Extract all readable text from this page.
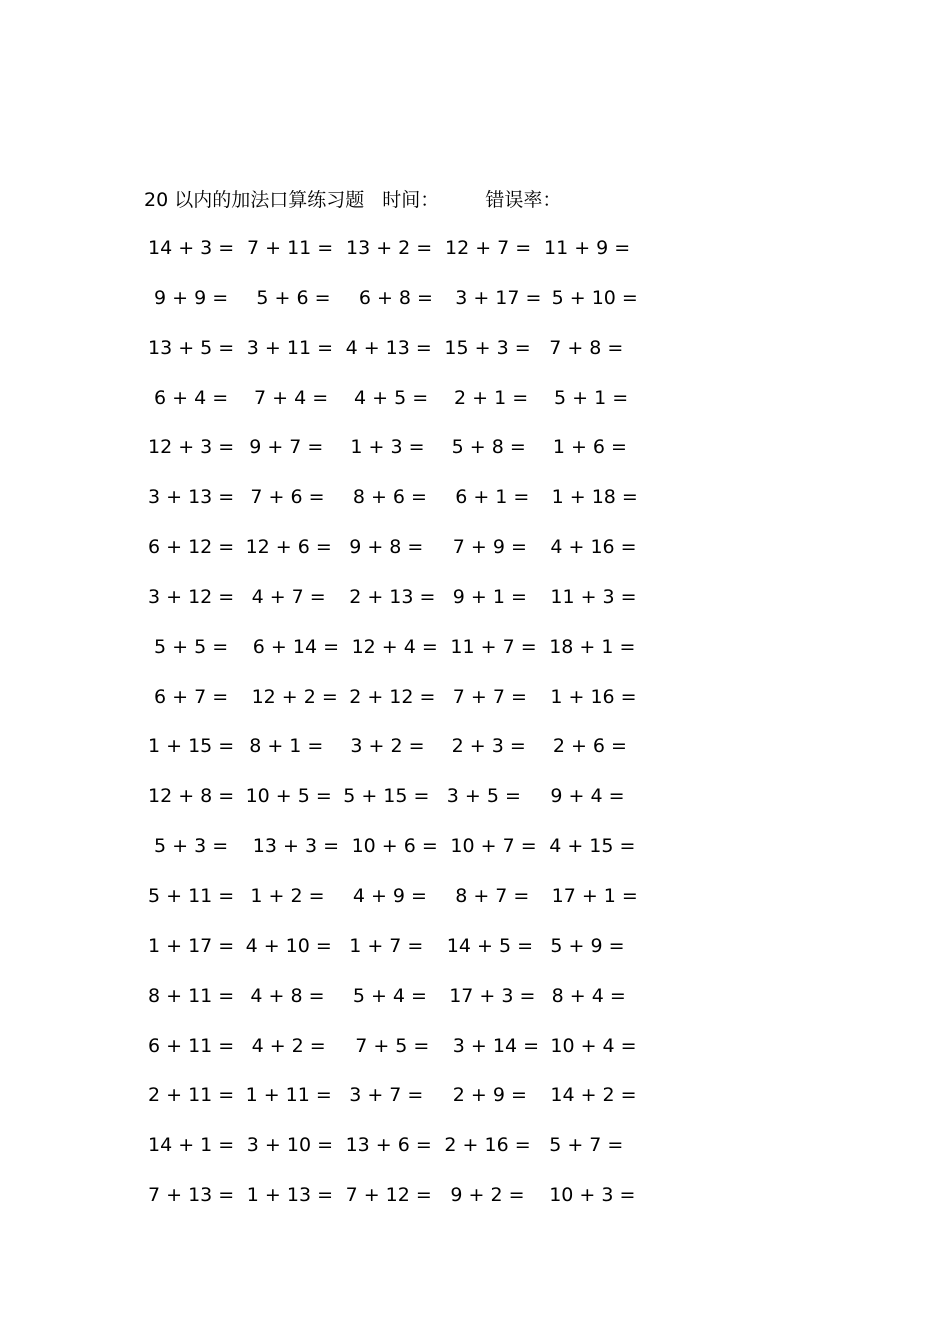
20 以内的加法口算练习题 时间： 错误率：
14 + 3 = 7 + 11 = 13 + 2 = 12 + 7 = 11 + 9 =
9 + 9 =	5 + 6 =	6 + 8 =	3 + 17 = 5 + 10 =
13 + 5 = 3 + 11 = 4 + 13 = 15 + 3 = 7 + 8 =
6 + 4 =	7 + 4 =	4 + 5 =	2 + 1 =	5 + 1 =
12 + 3 = 9 + 7 =	1 + 3 =	5 + 8 =	1 + 6 =
3 + 13 = 7 + 6 =	8 + 6 =	6 + 1 =	1 + 18 =
6 + 12 = 12 + 6 = 9 + 8 =	7 + 9 =	4 + 16 =
3 + 12 = 4 + 7 =	2 + 13 = 9 + 1 =	11 + 3 =
5 + 5 =	6 + 14 = 12 + 4 = 11 + 7 = 18 + 1 =
6 + 7 =	12 + 2 = 2 + 12 = 7 + 7 =	1 + 16 =
1 + 15 = 8 + 1 =	3 + 2 =	2 + 3 =	2 + 6 =
12 + 8 = 10 + 5 = 5 + 15 = 3 + 5 =	9 + 4 =
5 + 3 =	13 + 3 = 10 + 6 = 10 + 7 = 4 + 15 =
5 + 11 = 1 + 2 =	4 + 9 =	8 + 7 =	17 + 1 =
1 + 17 = 4 + 10 = 1 + 7 =	14 + 5 = 5 + 9 =
8 + 11 = 4 + 8 =	5 + 4 =	17 + 3 = 8 + 4 =
6 + 11 = 4 + 2 =	7 + 5 =	3 + 14 = 10 + 4 =
2 + 11 = 1 + 11 = 3 + 7 =	2 + 9 =	14 + 2 =
14 + 1 = 3 + 10 = 13 + 6 = 2 + 16 = 5 + 7 =
7 + 13 = 1 + 13 = 7 + 12 = 9 + 2 =	10 + 3 =
